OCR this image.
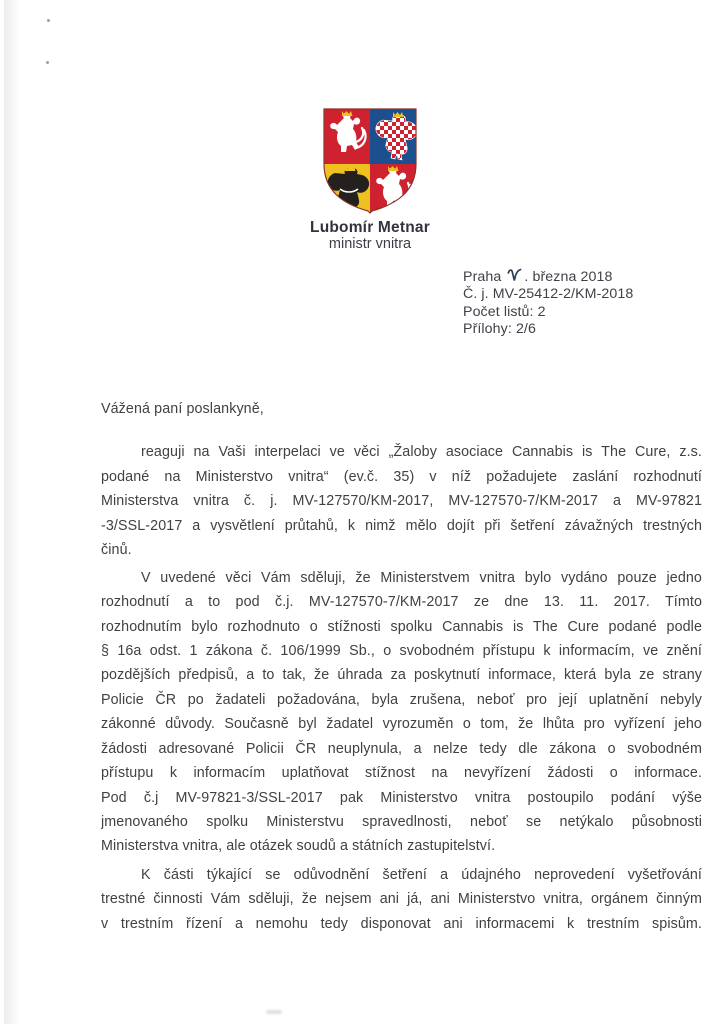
Lubomír Metnar
ministr vnitra
Praha . března 2018
Č. j. MV-25412-2/KM-2018
Počet listů: 2
Přílohy: 2/6
Vážená paní poslankyně,
reaguji na Vaši interpelaci ve věci „Žaloby asociace Cannabis is The Cure, z.s.
podané na Ministerstvo vnitra“ (ev.č. 35) v níž požadujete zaslání rozhodnutí
Ministerstva vnitra č. j. MV-127570/KM-2017, MV-127570-7/KM-2017 a MV-97821
-3/SSL-2017 a vysvětlení průtahů, k nimž mělo dojít při šetření závažných trestných
činů.
V uvedené věci Vám sděluji, že Ministerstvem vnitra bylo vydáno pouze jedno
rozhodnutí a to pod č.j. MV-127570-7/KM-2017 ze dne 13. 11. 2017. Tímto
rozhodnutím bylo rozhodnuto o stížnosti spolku Cannabis is The Cure podané podle
§ 16a odst. 1 zákona č. 106/1999 Sb., o svobodném přístupu k informacím, ve znění
pozdějších předpisů, a to tak, že úhrada za poskytnutí informace, která byla ze strany
Policie ČR po žadateli požadována, byla zrušena, neboť pro její uplatnění nebyly
zákonné důvody. Současně byl žadatel vyrozuměn o tom, že lhůta pro vyřízení jeho
žádosti adresované Policii ČR neuplynula, a nelze tedy dle zákona o svobodném
přístupu k informacím uplatňovat stížnost na nevyřízení žádosti o informace.
Pod č.j MV-97821-3/SSL-2017 pak Ministerstvo vnitra postoupilo podání výše
jmenovaného spolku Ministerstvu spravedlnosti, neboť se netýkalo působnosti
Ministerstva vnitra, ale otázek soudů a státních zastupitelství.
K části týkající se odůvodnění šetření a údajného neprovedení vyšetřování
trestné činnosti Vám sděluji, že nejsem ani já, ani Ministerstvo vnitra, orgánem činným
v trestním řízení a nemohu tedy disponovat ani informacemi k trestním spisům.
